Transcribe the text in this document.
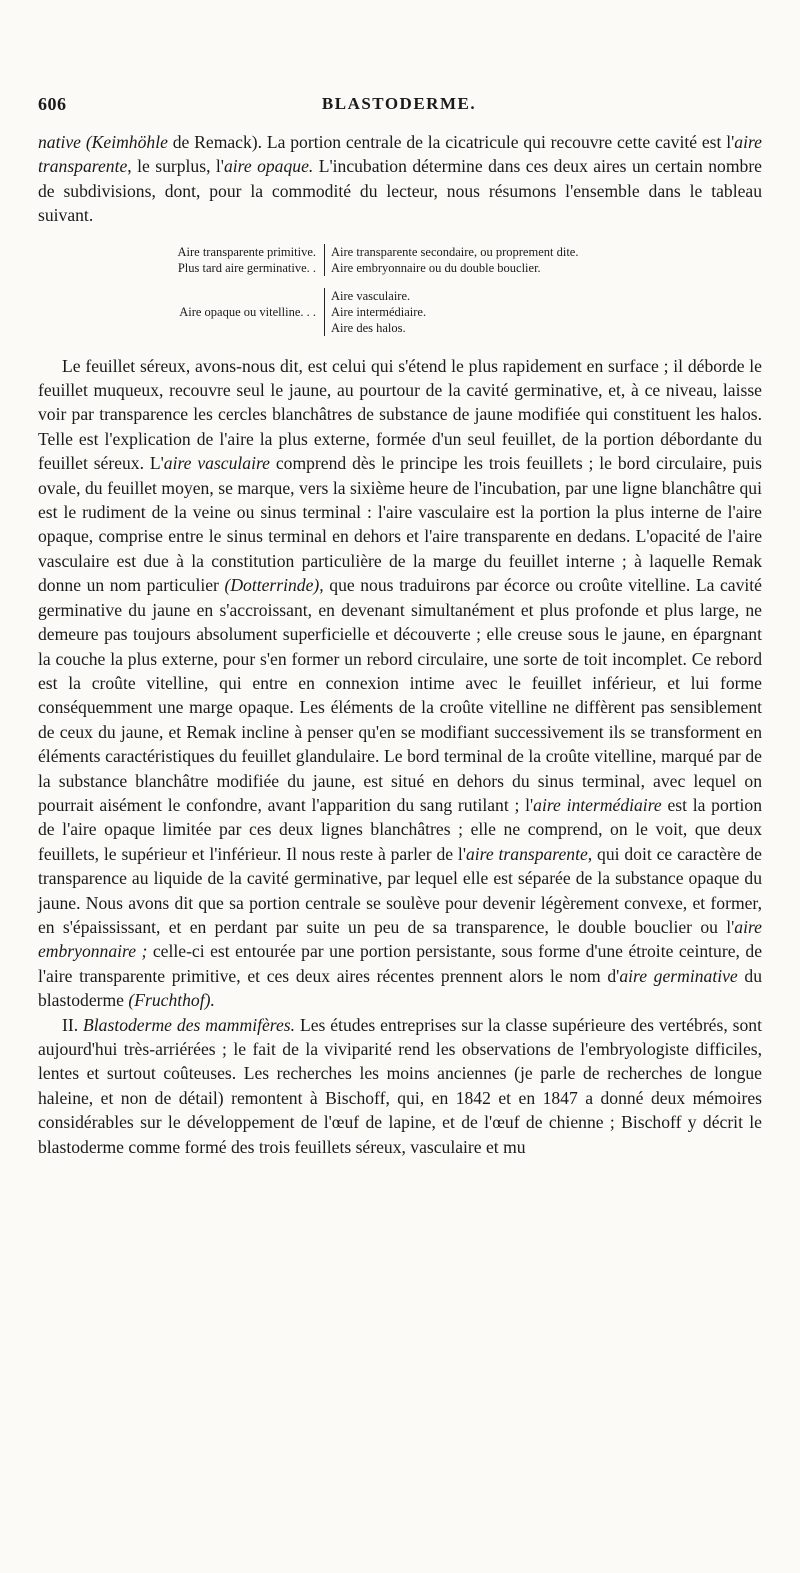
606	BLASTODERME.

native (Keimhöhle de Remack). La portion centrale de la cicatricule qui recouvre cette cavité est l'aire transparente, le surplus, l'aire opaque. L'incubation détermine dans ces deux aires un certain nombre de subdivisions, dont, pour la commodité du lecteur, nous résumons l'ensemble dans le tableau suivant.

Aire transparente primitive.
Plus tard aire germinative. .
Aire transparente secondaire, ou proprement dite.
Aire embryonnaire ou du double bouclier.
Aire opaque ou vitelline. . .
Aire vasculaire.
Aire intermédiaire.
Aire des halos.

Le feuillet séreux, avons-nous dit, est celui qui s'étend le plus rapidement en surface ; il déborde le feuillet muqueux, recouvre seul le jaune, au pourtour de la cavité germinative, et, à ce niveau, laisse voir par transparence les cercles blanchâtres de substance de jaune modifiée qui constituent les halos. Telle est l'explication de l'aire la plus externe, formée d'un seul feuillet, de la portion débordante du feuillet séreux. L'aire vasculaire comprend dès le principe les trois feuillets ; le bord circulaire, puis ovale, du feuillet moyen, se marque, vers la sixième heure de l'incubation, par une ligne blanchâtre qui est le rudiment de la veine ou sinus terminal : l'aire vasculaire est la portion la plus interne de l'aire opaque, comprise entre le sinus terminal en dehors et l'aire transparente en dedans. L'opacité de l'aire vasculaire est due à la constitution particulière de la marge du feuillet interne ; à laquelle Remak donne un nom particulier (Dotterrinde), que nous traduirons par écorce ou croûte vitelline. La cavité germinative du jaune en s'accroissant, en devenant simultanément et plus profonde et plus large, ne demeure pas toujours absolument superficielle et découverte ; elle creuse sous le jaune, en épargnant la couche la plus externe, pour s'en former un rebord circulaire, une sorte de toit incomplet. Ce rebord est la croûte vitelline, qui entre en connexion intime avec le feuillet inférieur, et lui forme conséquemment une marge opaque. Les éléments de la croûte vitelline ne diffèrent pas sensiblement de ceux du jaune, et Remak incline à penser qu'en se modifiant successivement ils se transforment en éléments caractéristiques du feuillet glandulaire. Le bord terminal de la croûte vitelline, marqué par de la substance blanchâtre modifiée du jaune, est situé en dehors du sinus terminal, avec lequel on pourrait aisément le confondre, avant l'apparition du sang rutilant ; l'aire intermédiaire est la portion de l'aire opaque limitée par ces deux lignes blanchâtres ; elle ne comprend, on le voit, que deux feuillets, le supérieur et l'inférieur. Il nous reste à parler de l'aire transparente, qui doit ce caractère de transparence au liquide de la cavité germinative, par lequel elle est séparée de la substance opaque du jaune. Nous avons dit que sa portion centrale se soulève pour devenir légèrement convexe, et former, en s'épaississant, et en perdant par suite un peu de sa transparence, le double bouclier ou l'aire embryonnaire ; celle-ci est entourée par une portion persistante, sous forme d'une étroite ceinture, de l'aire transparente primitive, et ces deux aires récentes prennent alors le nom d'aire germinative du blastoderme (Fruchthof).

II. Blastoderme des mammifères. Les études entreprises sur la classe supérieure des vertébrés, sont aujourd'hui très-arriérées ; le fait de la viviparité rend les observations de l'embryologiste difficiles, lentes et surtout coûteuses. Les recherches les moins anciennes (je parle de recherches de longue haleine, et non de détail) remontent à Bischoff, qui, en 1842 et en 1847 a donné deux mémoires considérables sur le développement de l'œuf de lapine, et de l'œuf de chienne ; Bischoff y décrit le blastoderme comme formé des trois feuillets séreux, vasculaire et mu
